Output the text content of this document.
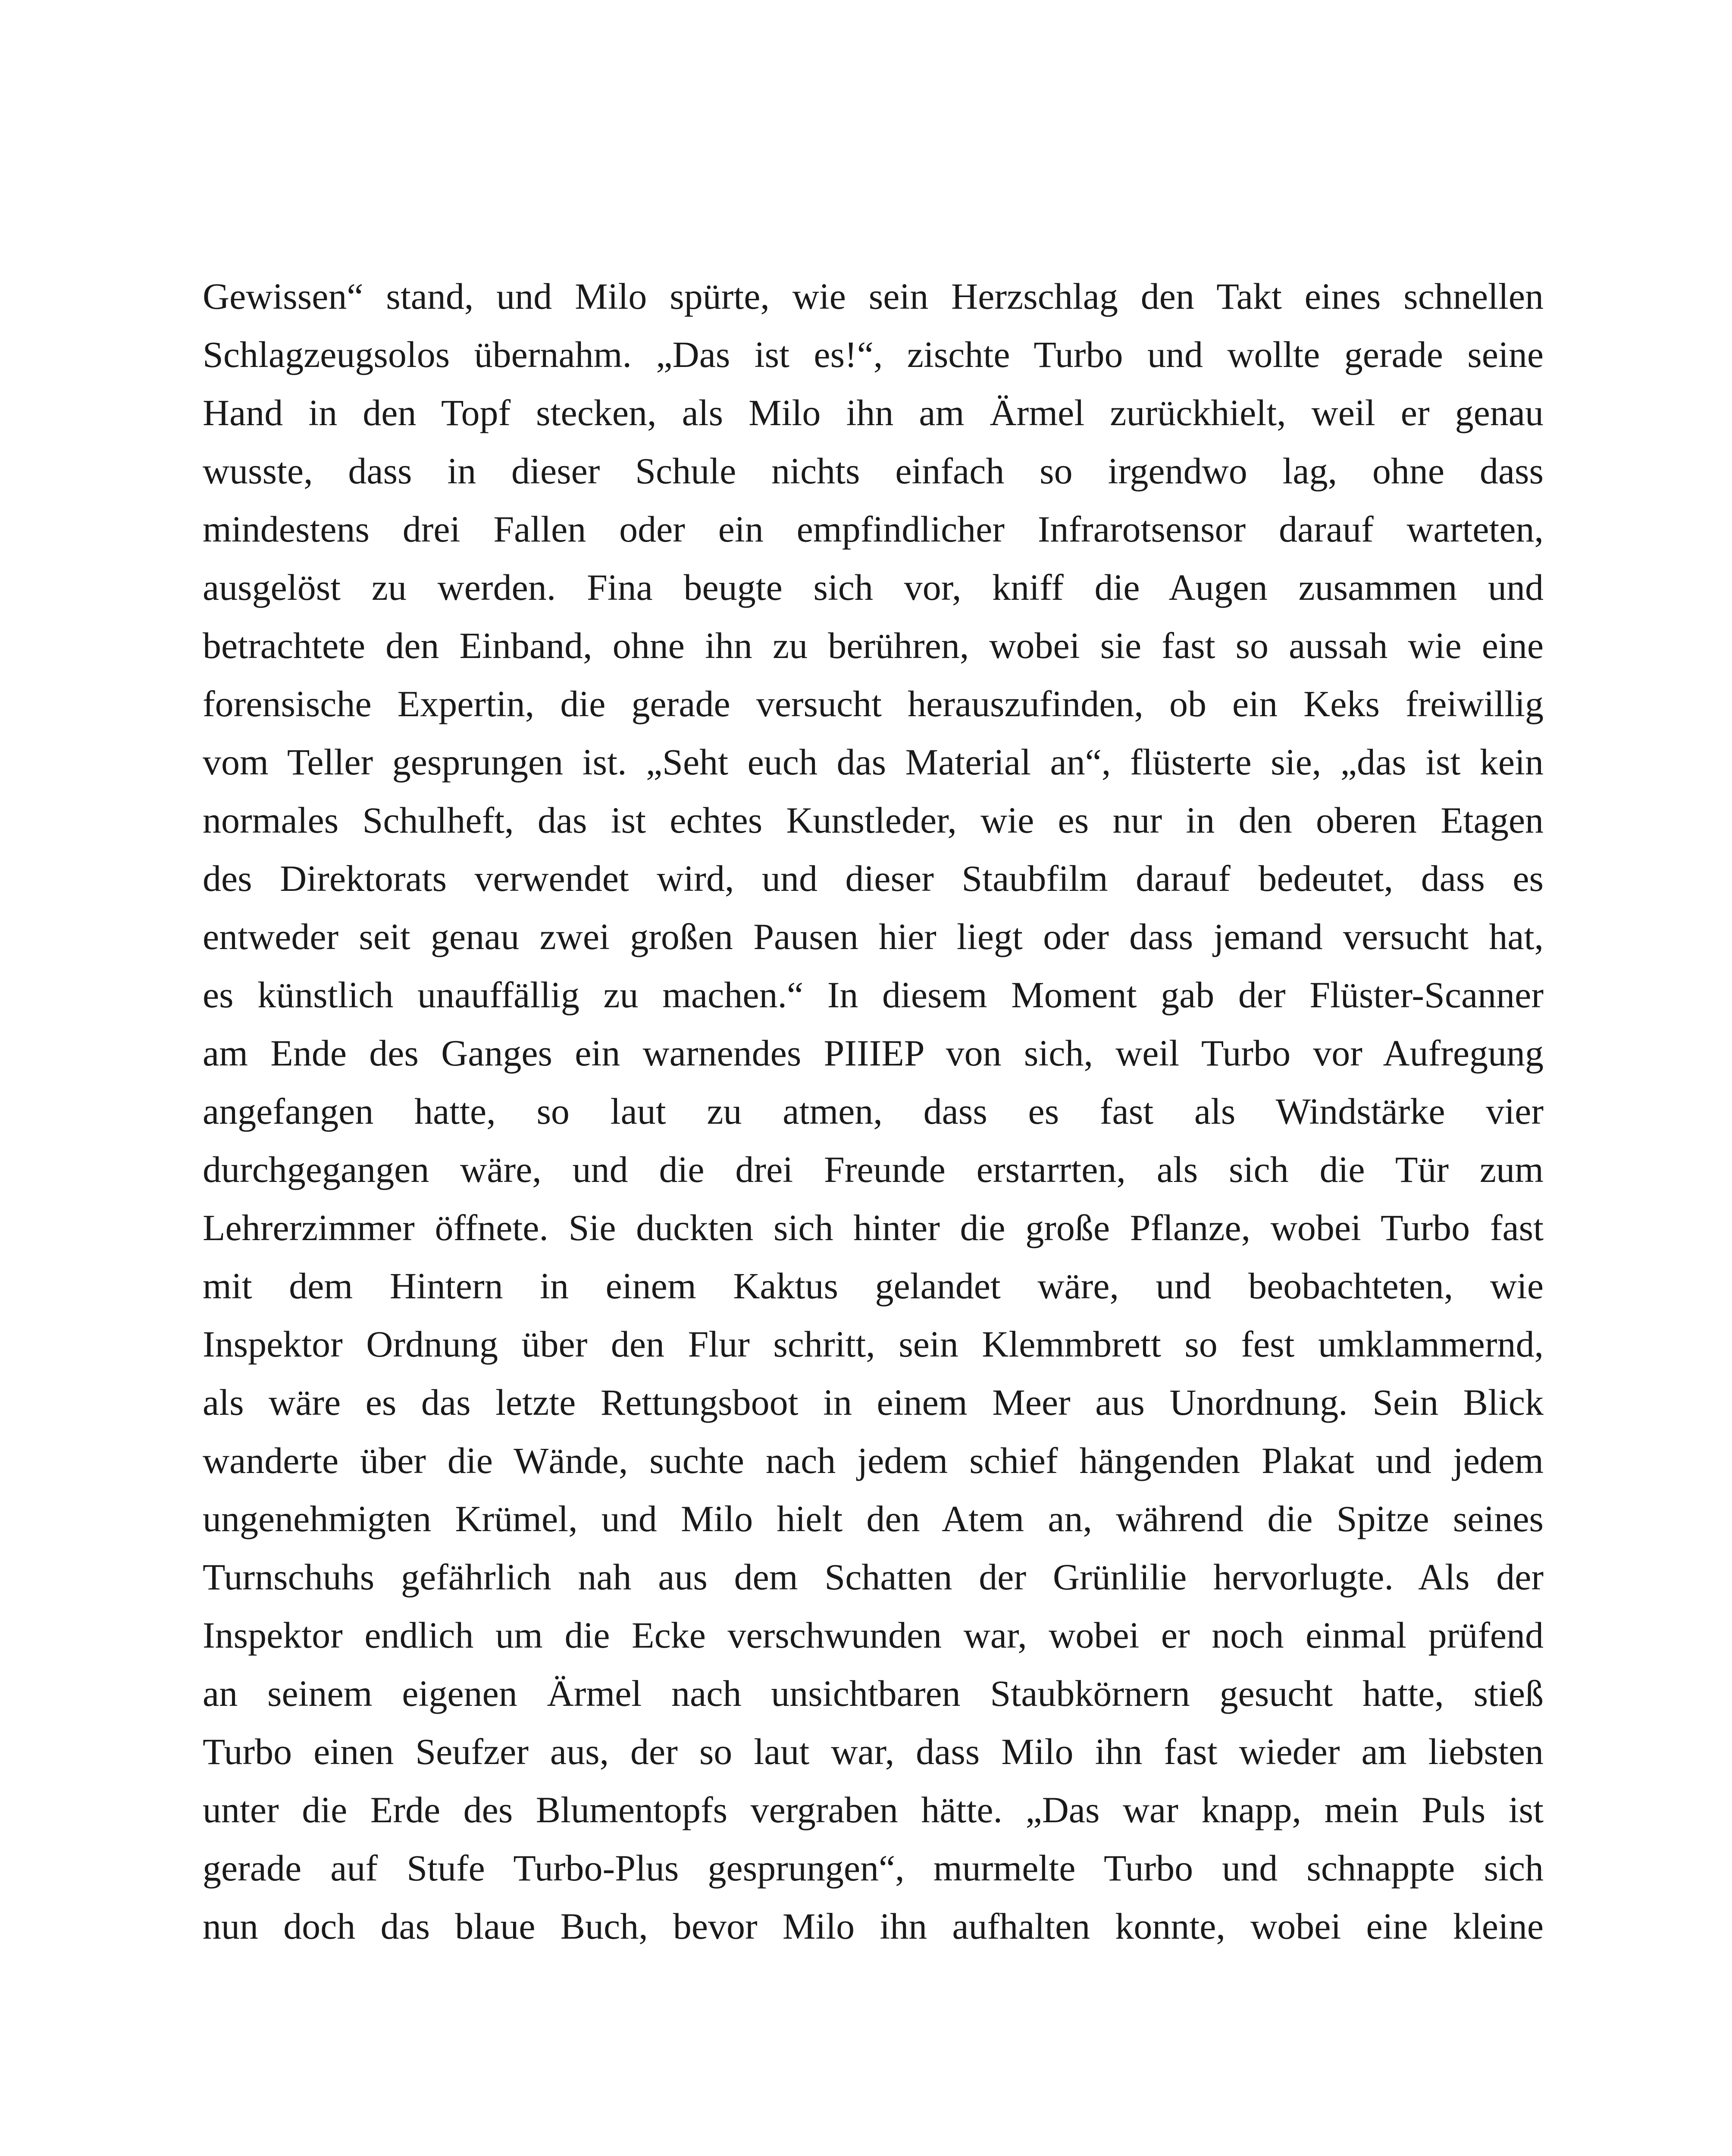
Gewissen“ stand, und Milo spürte, wie sein Herzschlag den Takt eines schnellen
Schlagzeugsolos übernahm. „Das ist es!“, zischte Turbo und wollte gerade seine
Hand in den Topf stecken, als Milo ihn am Ärmel zurückhielt, weil er genau
wusste, dass in dieser Schule nichts einfach so irgendwo lag, ohne dass
mindestens drei Fallen oder ein empfindlicher Infrarotsensor darauf warteten,
ausgelöst zu werden. Fina beugte sich vor, kniff die Augen zusammen und
betrachtete den Einband, ohne ihn zu berühren, wobei sie fast so aussah wie eine
forensische Expertin, die gerade versucht herauszufinden, ob ein Keks freiwillig
vom Teller gesprungen ist. „Seht euch das Material an“, flüsterte sie, „das ist kein
normales Schulheft, das ist echtes Kunstleder, wie es nur in den oberen Etagen
des Direktorats verwendet wird, und dieser Staubfilm darauf bedeutet, dass es
entweder seit genau zwei großen Pausen hier liegt oder dass jemand versucht hat,
es künstlich unauffällig zu machen.“ In diesem Moment gab der Flüster-Scanner
am Ende des Ganges ein warnendes PIIIEP von sich, weil Turbo vor Aufregung
angefangen hatte, so laut zu atmen, dass es fast als Windstärke vier
durchgegangen wäre, und die drei Freunde erstarrten, als sich die Tür zum
Lehrerzimmer öffnete. Sie duckten sich hinter die große Pflanze, wobei Turbo fast
mit dem Hintern in einem Kaktus gelandet wäre, und beobachteten, wie
Inspektor Ordnung über den Flur schritt, sein Klemmbrett so fest umklammernd,
als wäre es das letzte Rettungsboot in einem Meer aus Unordnung. Sein Blick
wanderte über die Wände, suchte nach jedem schief hängenden Plakat und jedem
ungenehmigten Krümel, und Milo hielt den Atem an, während die Spitze seines
Turnschuhs gefährlich nah aus dem Schatten der Grünlilie hervorlugte. Als der
Inspektor endlich um die Ecke verschwunden war, wobei er noch einmal prüfend
an seinem eigenen Ärmel nach unsichtbaren Staubkörnern gesucht hatte, stieß
Turbo einen Seufzer aus, der so laut war, dass Milo ihn fast wieder am liebsten
unter die Erde des Blumentopfs vergraben hätte. „Das war knapp, mein Puls ist
gerade auf Stufe Turbo-Plus gesprungen“, murmelte Turbo und schnappte sich
nun doch das blaue Buch, bevor Milo ihn aufhalten konnte, wobei eine kleine
